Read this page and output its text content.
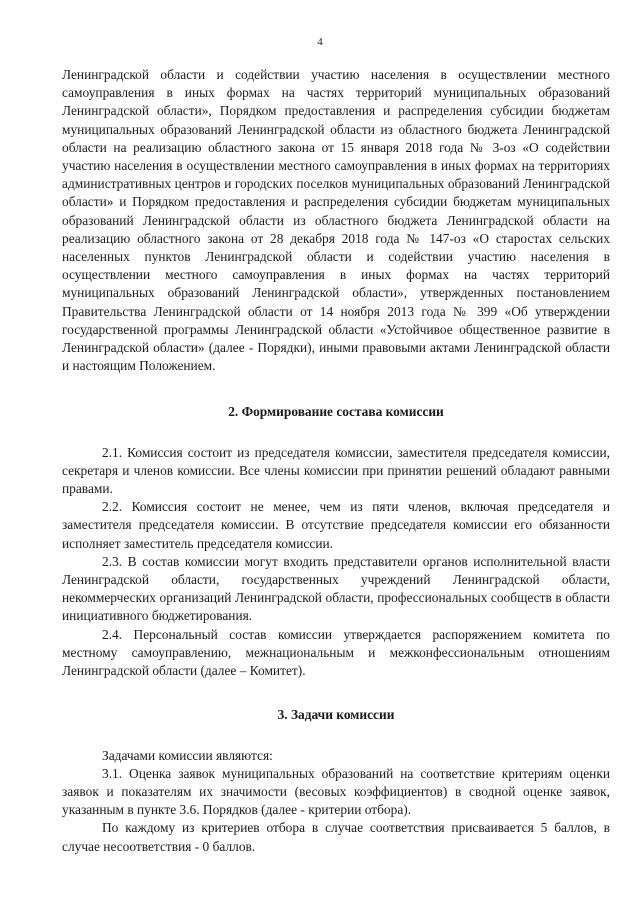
4

Ленинградской области и содействии участию населения в осуществлении местного самоуправления в иных формах на частях территорий муниципальных образований Ленинградской области», Порядком предоставления и распределения субсидии бюджетам муниципальных образований Ленинградской области из областного бюджета Ленинградской области на реализацию областного закона от 15 января 2018 года № 3-оз «О содействии участию населения в осуществлении местного самоуправления в иных формах на территориях административных центров и городских поселков муниципальных образований Ленинградской области» и Порядком предоставления и распределения субсидии бюджетам муниципальных образований Ленинградской области из областного бюджета Ленинградской области на реализацию областного закона от 28 декабря 2018 года № 147-оз «О старостах сельских населенных пунктов Ленинградской области и содействии участию населения в осуществлении местного самоуправления в иных формах на частях территорий муниципальных образований Ленинградской области», утвержденных постановлением Правительства Ленинградской области от 14 ноября 2013 года № 399 «Об утверждении государственной программы Ленинградской области «Устойчивое общественное развитие в Ленинградской области» (далее - Порядки), иными правовыми актами Ленинградской области и настоящим Положением.

2. Формирование состава комиссии

2.1. Комиссия состоит из председателя комиссии, заместителя председателя комиссии, секретаря и членов комиссии. Все члены комиссии при принятии решений обладают равными правами.

2.2. Комиссия состоит не менее, чем из пяти членов, включая председателя и заместителя председателя комиссии. В отсутствие председателя комиссии его обязанности исполняет заместитель председателя комиссии.

2.3. В состав комиссии могут входить представители органов исполнительной власти Ленинградской области, государственных учреждений Ленинградской области, некоммерческих организаций Ленинградской области, профессиональных сообществ в области инициативного бюджетирования.

2.4. Персональный состав комиссии утверждается распоряжением комитета по местному самоуправлению, межнациональным и межконфессиональным отношениям Ленинградской области (далее – Комитет).

3. Задачи комиссии

Задачами комиссии являются:

3.1. Оценка заявок муниципальных образований на соответствие критериям оценки заявок и показателям их значимости (весовых коэффициентов) в сводной оценке заявок, указанным в пункте 3.6. Порядков (далее - критерии отбора).

По каждому из критериев отбора в случае соответствия присваивается 5 баллов, в случае несоответствия - 0 баллов.
